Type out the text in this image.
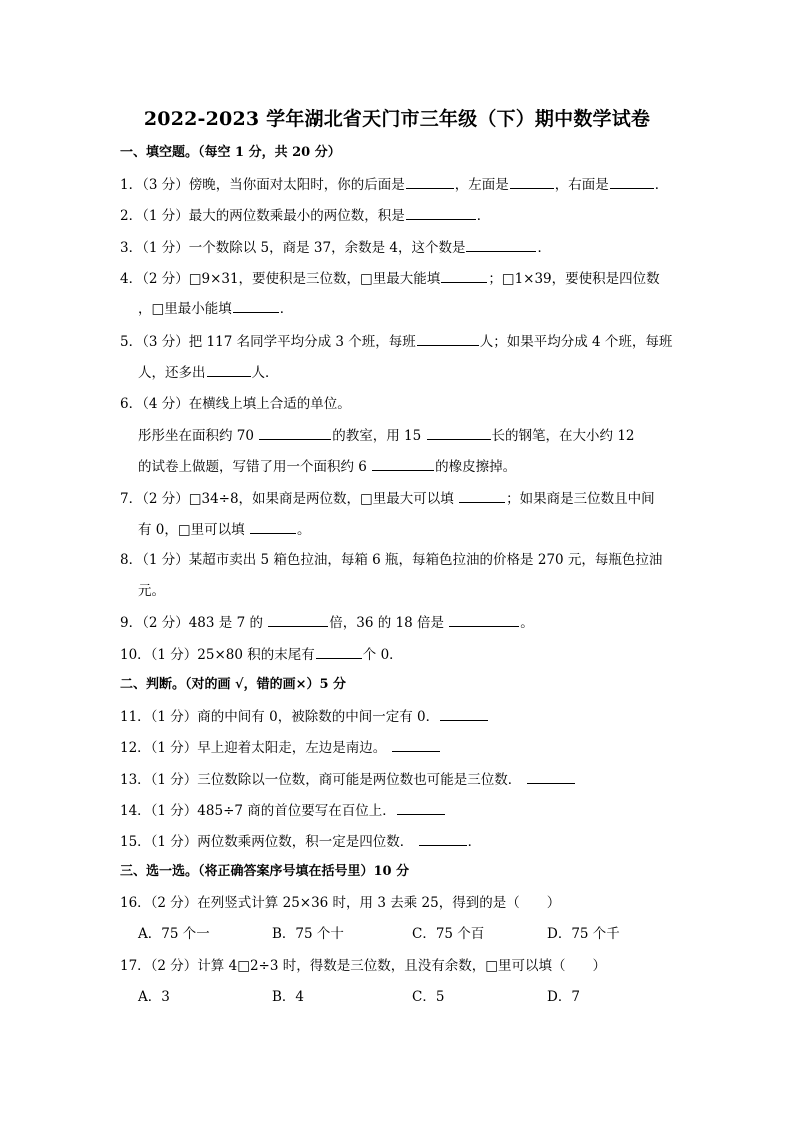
2022-2023 学年湖北省天门市三年级（下）期中数学试卷
一、填空题。（每空 1 分，共 20 分）
1．（3 分）傍晚，当你面对太阳时，你的后面是	，左面是	，右面是	．
2．（1 分）最大的两位数乘最小的两位数，积是	．
3．（1 分）一个数除以 5，商是 37，余数是 4，这个数是	．
4．（2 分）□9×31，要使积是三位数，□里最大能填	；□1×39，要使积是四位数
，□里最小能填	．
5．（3 分）把 117 名同学平均分成 3 个班，每班	人；如果平均分成 4 个班，每班
人，还多出	人．
6．（4 分）在横线上填上合适的单位。
彤彤坐在面积约 70	的教室，用 15	长的钢笔，在大小约 12
的试卷上做题，写错了用一个面积约 6	的橡皮擦掉。
7．（2 分）□34÷8，如果商是两位数，□里最大可以填	；如果商是三位数且中间
有 0，□里可以填	。
8．（1 分）某超市卖出 5 箱色拉油，每箱 6 瓶，每箱色拉油的价格是 270 元，每瓶色拉油
元。
9．（2 分）483 是 7 的	倍，36 的 18 倍是	。
10．（1 分）25×80 积的末尾有	个 0．
二、判断。（对的画 √，错的画×）5 分
11．（1 分）商的中间有 0，被除数的中间一定有 0．
12．（1 分）早上迎着太阳走，左边是南边。
13．（1 分）三位数除以一位数，商可能是两位数也可能是三位数．
14．（1 分）485÷7 商的首位要写在百位上．
15．（1 分）两位数乘两位数，积一定是四位数．	．
三、选一选。（将正确答案序号填在括号里）10 分
16．（2 分）在列竖式计算 25×36 时，用 3 去乘 25，得到的是（　　）
A．75 个一	B．75 个十	C．75 个百	D．75 个千
17．（2 分）计算 4□2÷3 时，得数是三位数，且没有余数，□里可以填（　　）
A．3	B．4	C．5	D．7
